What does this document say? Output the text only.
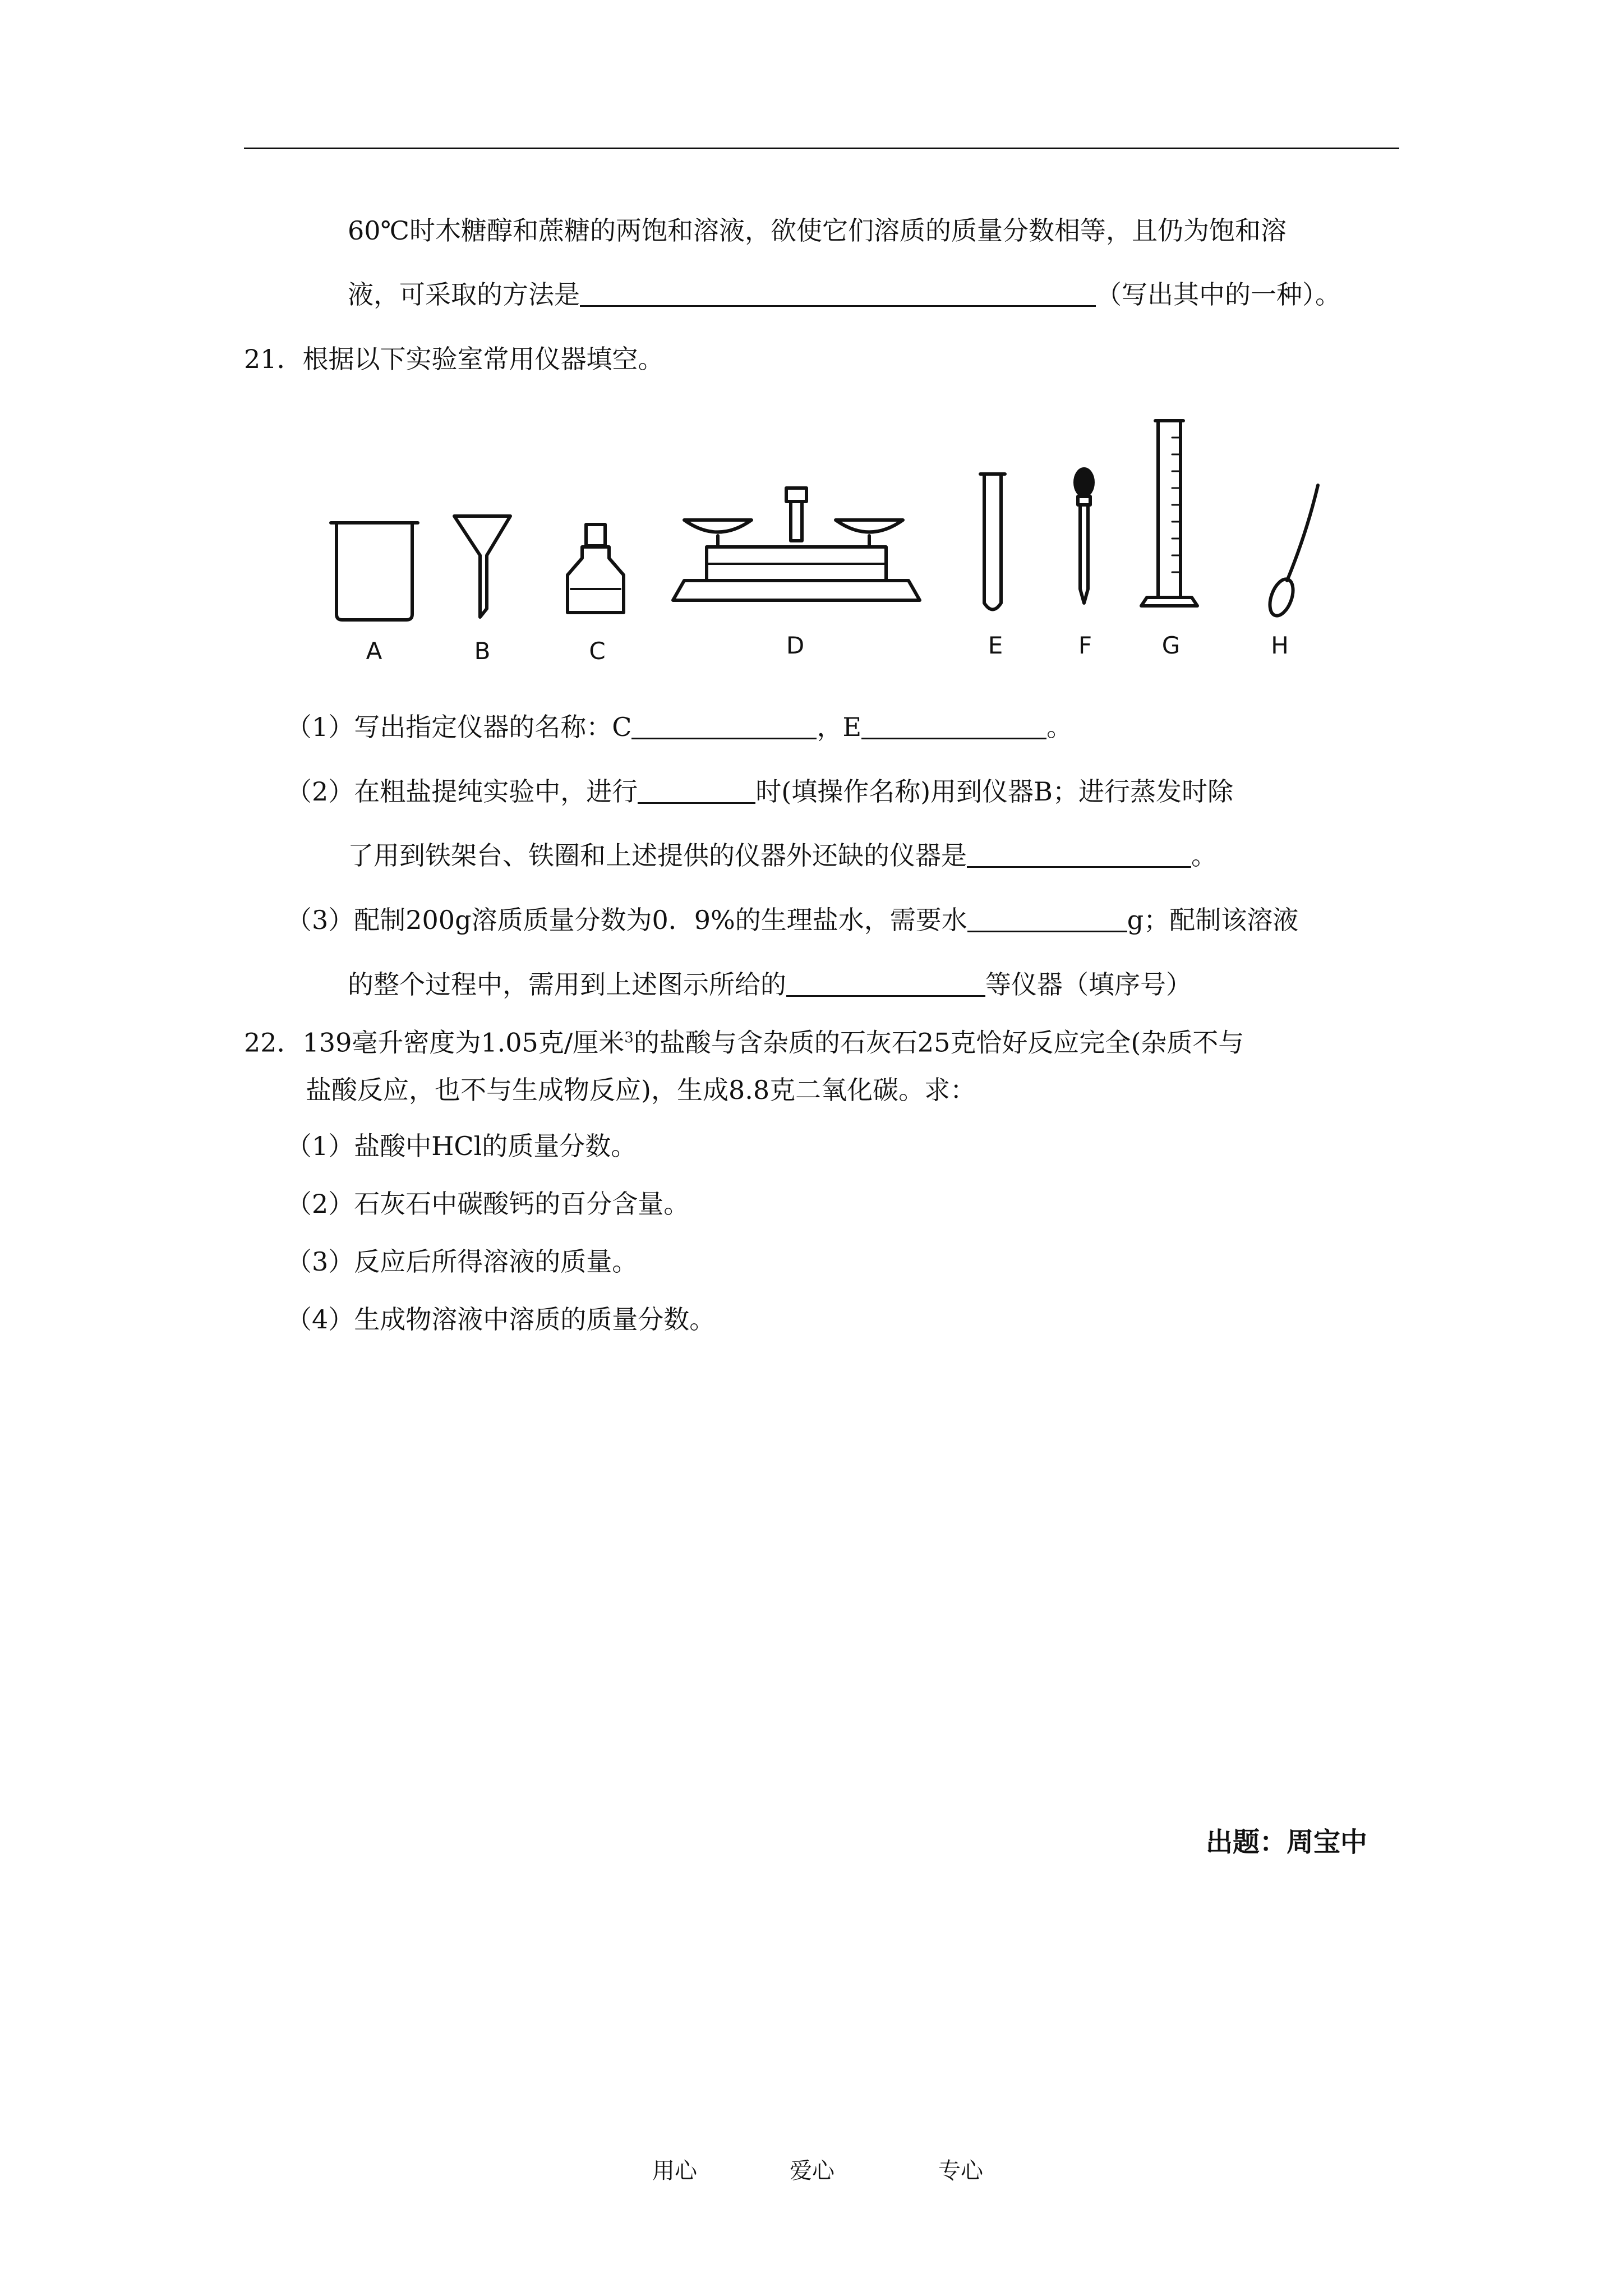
60℃时木糖醇和蔗糖的两饱和溶液，欲使它们溶质的质量分数相等，且仍为饱和溶
液，可采取的方法是	（写出其中的一种）。
21．根据以下实验室常用仪器填空。
A	B	C	D	E	F	G	H
（1）写出指定仪器的名称：C	，E	。
（2）在粗盐提纯实验中，进行	时(填操作名称)用到仪器B；进行蒸发时除
了用到铁架台、铁圈和上述提供的仪器外还缺的仪器是	。
（3）配制200g溶质质量分数为0．9%的生理盐水，需要水	g；配制该溶液
的整个过程中，需用到上述图示所给的	等仪器（填序号）
22．139毫升密度为1.05克/厘米$^3$的盐酸与含杂质的石灰石25克恰好反应完全(杂质不与
盐酸反应，也不与生成物反应)，生成8.8克二氧化碳。求：
（1）盐酸中HCl的质量分数。
（2）石灰石中碳酸钙的百分含量。
（3）反应后所得溶液的质量。
（4）生成物溶液中溶质的质量分数。
出题：周宝中
用心	爱心	专心
